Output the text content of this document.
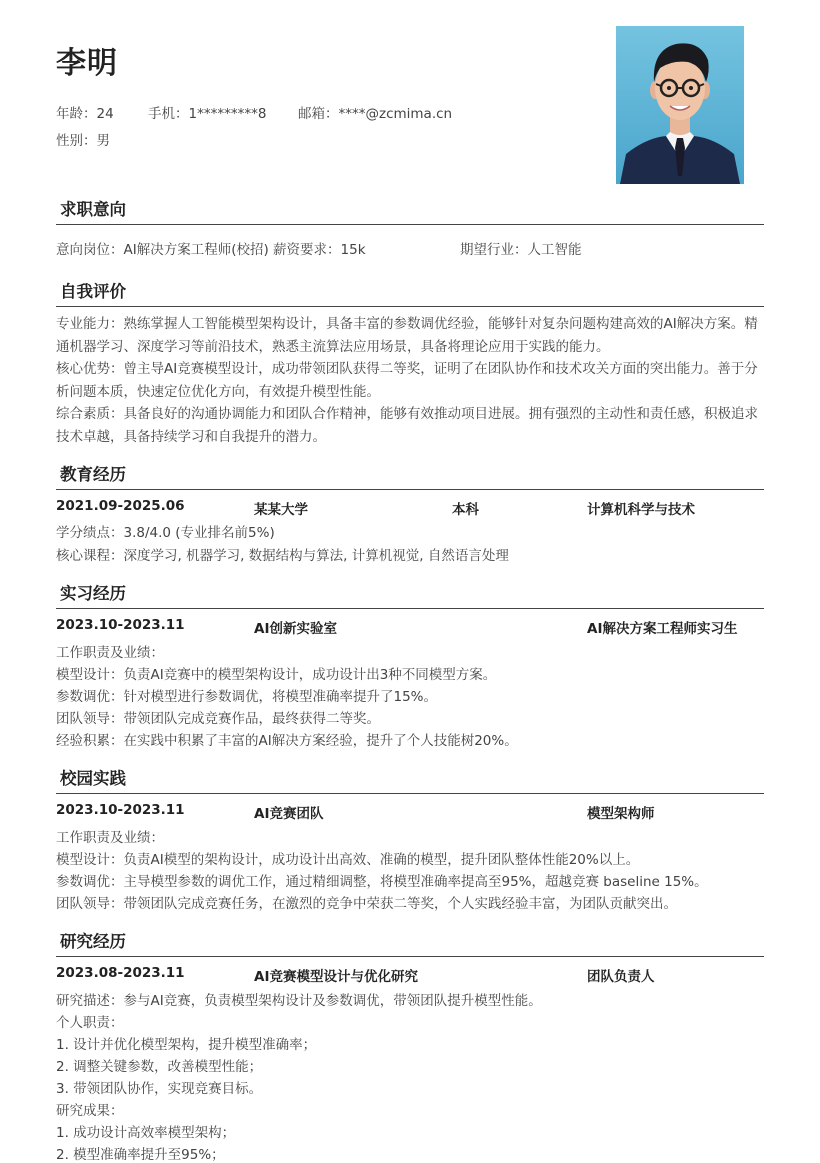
李明
年龄：24	手机：1*********8 邮箱：****@zcmima.cn
性别：男
求职意向
意向岗位：AI解决方案工程师(校招) 薪资要求：15k	期望行业：人工智能
自我评价
专业能力：熟练掌握人工智能模型架构设计，具备丰富的参数调优经验，能够针对复杂问题构建高效的AI解决方案。精通机器学习、深度学习等前沿技术，熟悉主流算法应用场景，具备将理论应用于实践的能力。
核心优势：曾主导AI竞赛模型设计，成功带领团队获得二等奖，证明了在团队协作和技术攻关方面的突出能力。善于分析问题本质，快速定位优化方向，有效提升模型性能。
综合素质：具备良好的沟通协调能力和团队合作精神，能够有效推动项目进展。拥有强烈的主动性和责任感，积极追求技术卓越，具备持续学习和自我提升的潜力。
教育经历
2021.09-2025.06	某某大学	本科	计算机科学与技术
学分绩点：3.8/4.0 (专业排名前5%)
核心课程：深度学习, 机器学习, 数据结构与算法, 计算机视觉, 自然语言处理
实习经历
2023.10-2023.11	AI创新实验室	AI解决方案工程师实习生
工作职责及业绩：
模型设计：负责AI竞赛中的模型架构设计，成功设计出3种不同模型方案。
参数调优：针对模型进行参数调优，将模型准确率提升了15%。
团队领导：带领团队完成竞赛作品，最终获得二等奖。
经验积累：在实践中积累了丰富的AI解决方案经验，提升了个人技能树20%。
校园实践
2023.10-2023.11	AI竞赛团队	模型架构师
工作职责及业绩：
模型设计：负责AI模型的架构设计，成功设计出高效、准确的模型，提升团队整体性能20%以上。
参数调优：主导模型参数的调优工作，通过精细调整，将模型准确率提高至95%，超越竞赛 baseline 15%。
团队领导：带领团队完成竞赛任务，在激烈的竞争中荣获二等奖，个人实践经验丰富，为团队贡献突出。
研究经历
2023.08-2023.11	AI竞赛模型设计与优化研究	团队负责人
研究描述：参与AI竞赛，负责模型架构设计及参数调优，带领团队提升模型性能。
个人职责：
1. 设计并优化模型架构，提升模型准确率；
2. 调整关键参数，改善模型性能；
3. 带领团队协作，实现竞赛目标。
研究成果：
1. 成功设计高效率模型架构；
2. 模型准确率提升至95%；
